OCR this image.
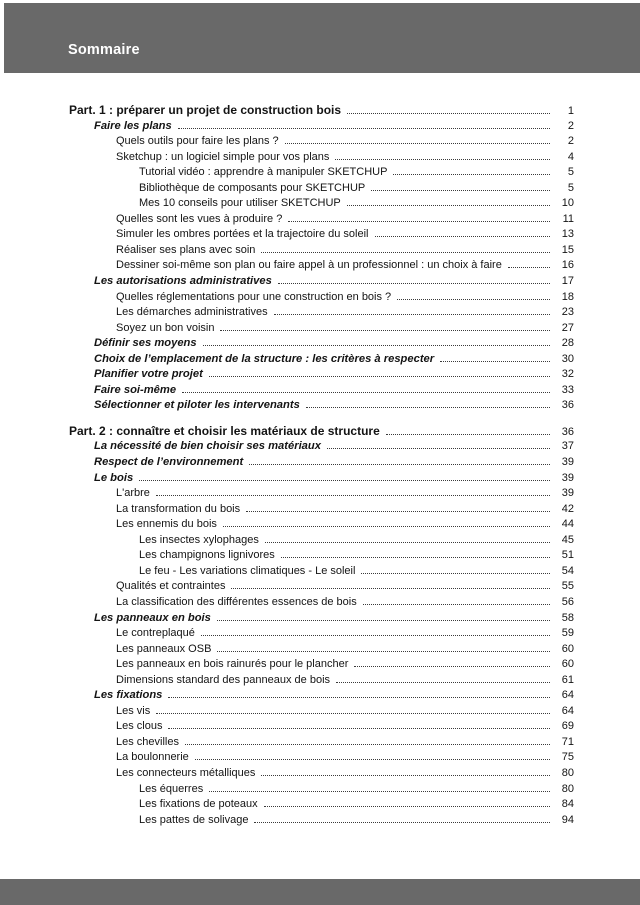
Sommaire
Part. 1 : préparer un projet de construction bois	1
Faire les plans	2
Quels outils pour faire les plans ?	2
Sketchup : un logiciel simple pour vos plans	4
Tutorial vidéo : apprendre à manipuler SKETCHUP	5
Bibliothèque de composants pour SKETCHUP	5
Mes 10 conseils pour utiliser SKETCHUP	10
Quelles sont les vues à produire ?	11
Simuler les ombres portées et la trajectoire du soleil	13
Réaliser ses plans avec soin	15
Dessiner soi-même son plan ou faire appel à un professionnel : un choix à faire	16
Les autorisations administratives	17
Quelles réglementations pour une construction en bois ?	18
Les démarches administratives	23
Soyez un bon voisin	27
Définir ses moyens	28
Choix de l’emplacement de la structure : les critères à respecter	30
Planifier votre projet	32
Faire soi-même	33
Sélectionner et piloter les intervenants	36
Part. 2 : connaître et choisir les matériaux de structure	36
La nécessité de bien choisir ses matériaux	37
Respect de l’environnement	39
Le bois	39
L'arbre	39
La transformation du bois	42
Les ennemis du bois	44
Les insectes xylophages	45
Les champignons lignivores	51
Le feu - Les variations climatiques - Le soleil	54
Qualités et contraintes	55
La classification des différentes essences de bois	56
Les panneaux en bois	58
Le contreplaqué	59
Les panneaux OSB	60
Les panneaux en bois rainurés pour le plancher	60
Dimensions standard des panneaux de bois	61
Les fixations	64
Les vis	64
Les clous	69
Les chevilles	71
La boulonnerie	75
Les connecteurs métalliques	80
Les équerres	80
Les fixations de poteaux	84
Les pattes de solivage	94
